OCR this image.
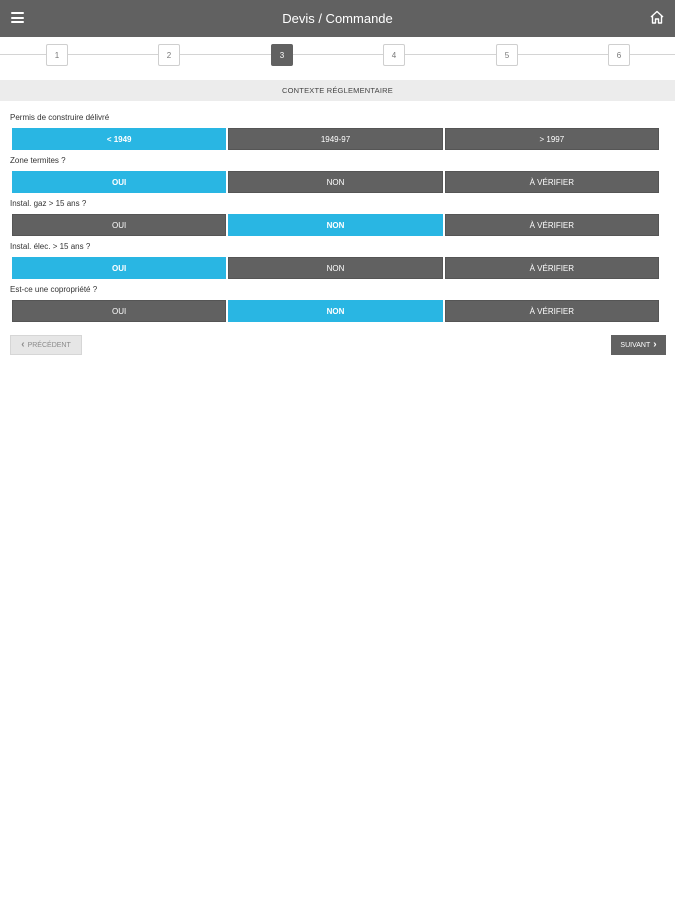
Devis / Commande
1	2	3	4	5	6
CONTEXTE RÉGLEMENTAIRE
Permis de construire délivré
< 1949	1949-97	> 1997
Zone termites ?
OUI	NON	À VÉRIFIER
Instal. gaz > 15 ans ?
OUI	NON	À VÉRIFIER
Instal. élec. > 15 ans ?
OUI	NON	À VÉRIFIER
Est-ce une copropriété ?
OUI	NON	À VÉRIFIER
‹ PRÉCÉDENT	SUIVANT ›
